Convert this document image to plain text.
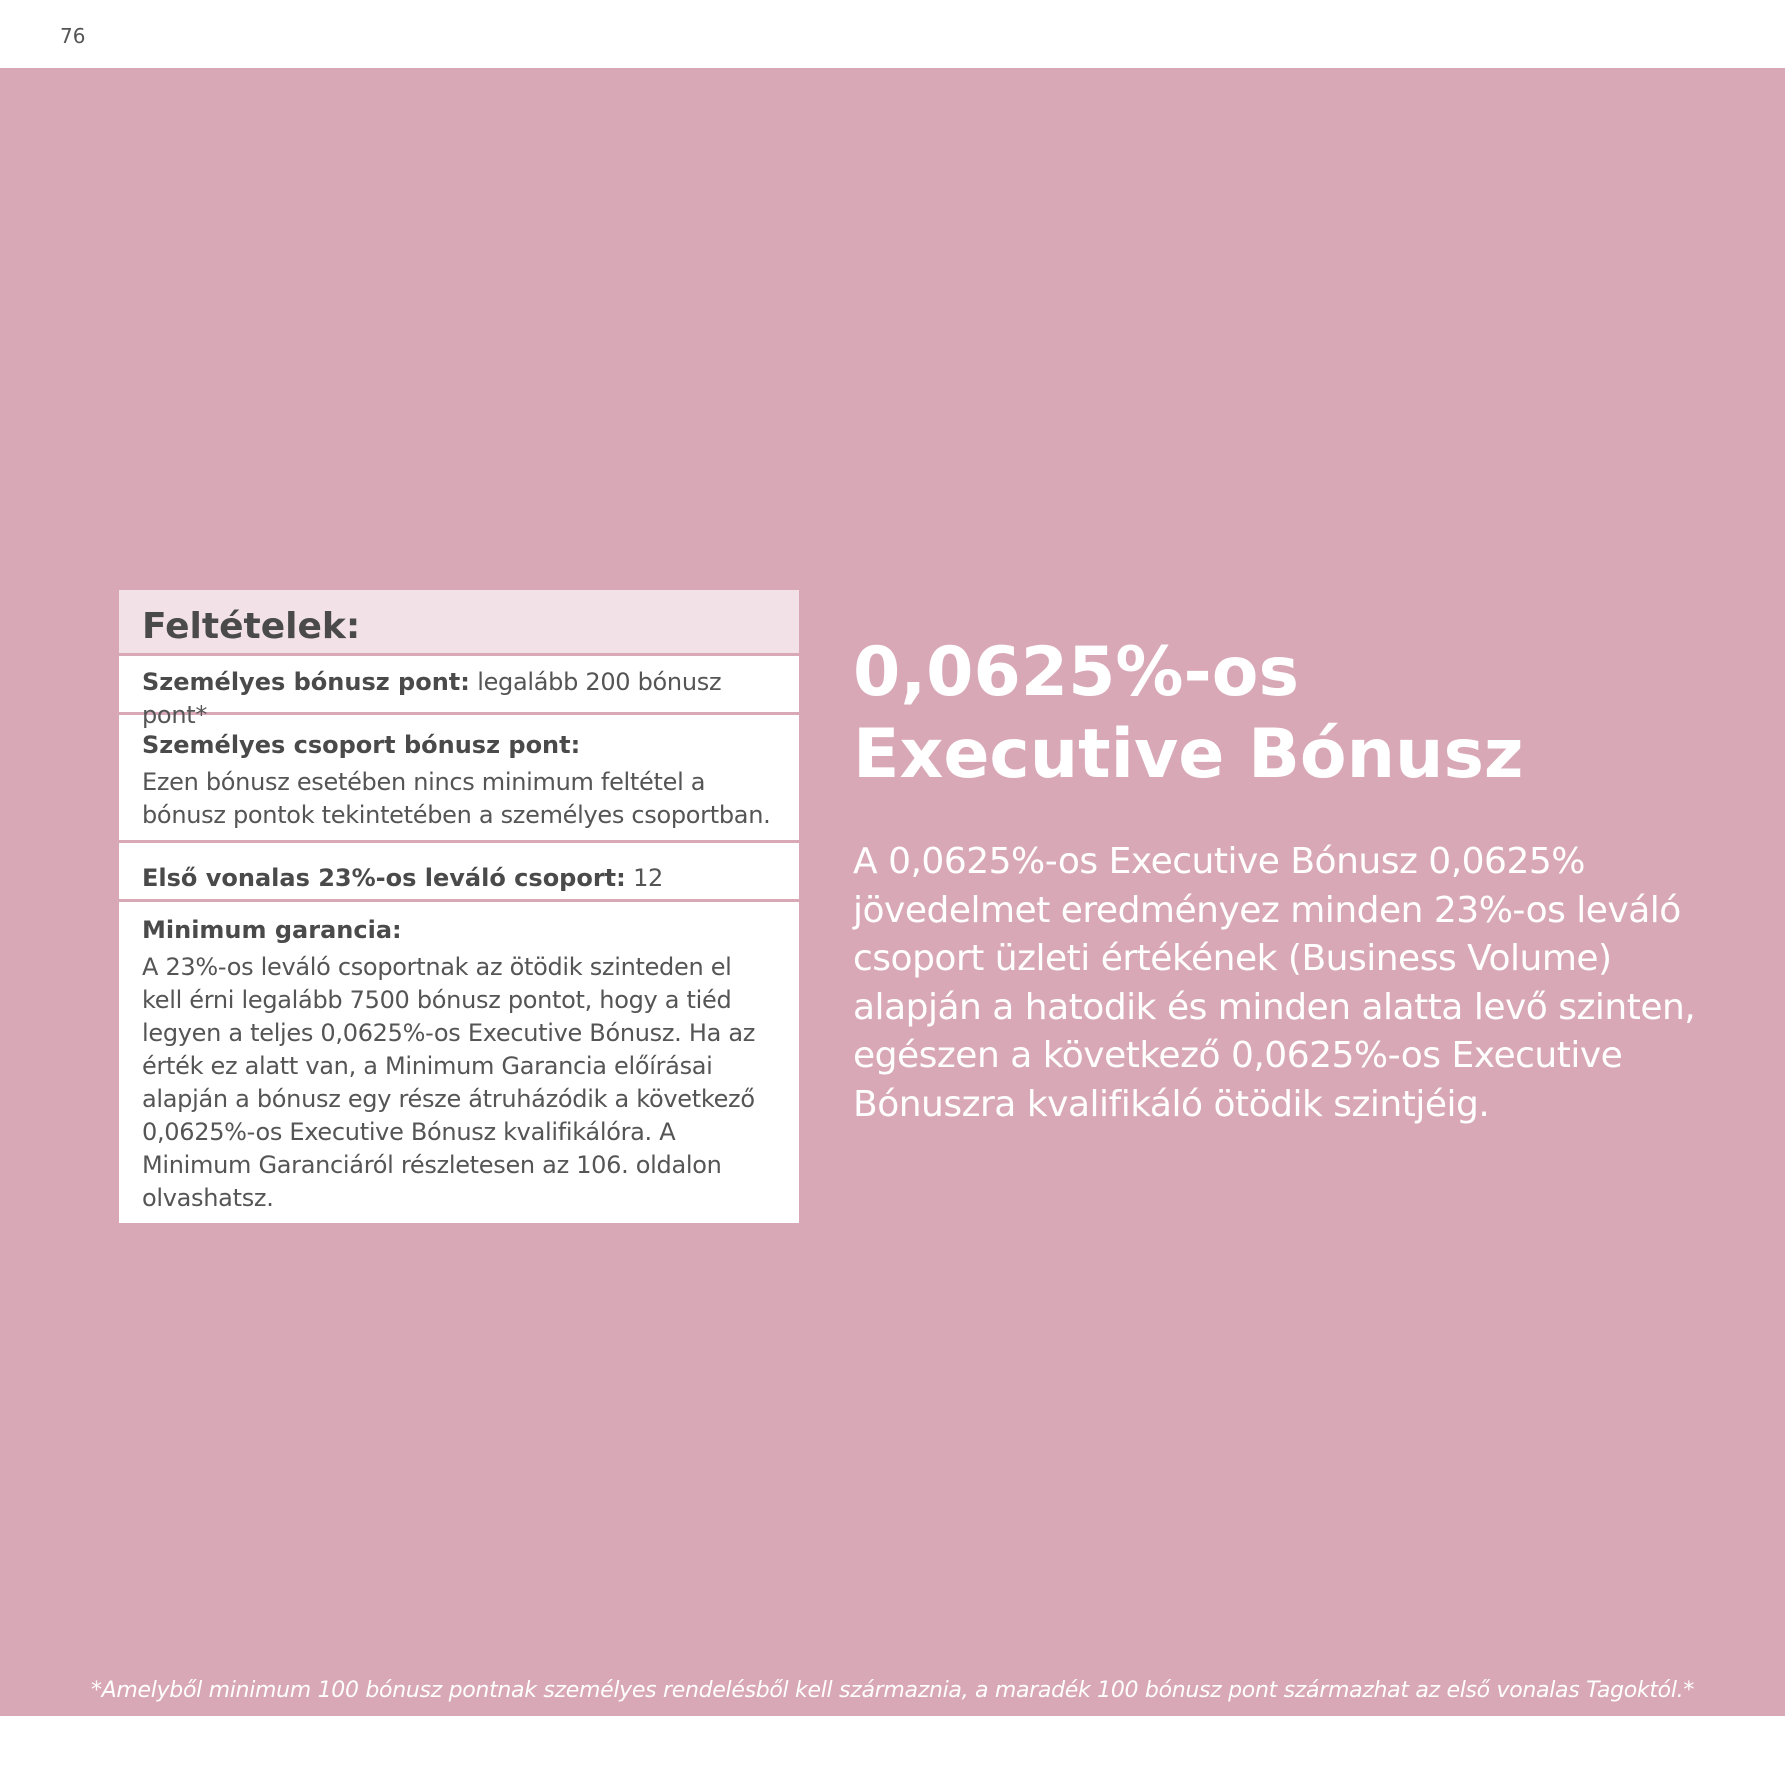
76
Feltételek:
Személyes bónusz pont: legalább 200 bónusz pont*
Személyes csoport bónusz pont:
Ezen bónusz esetében nincs minimum feltétel a bónusz pontok tekintetében a személyes csoportban.
Első vonalas 23%-os leváló csoport: 12
Minimum garancia:
A 23%-os leváló csoportnak az ötödik szinteden el kell érni legalább 7500 bónusz pontot, hogy a tiéd legyen a teljes 0,0625%-os Executive Bónusz. Ha az érték ez alatt van, a Minimum Garancia előírásai alapján a bónusz egy része átruházódik a következő 0,0625%-os Executive Bónusz kvalifikálóra. A Minimum Garanciáról részletesen az 106. oldalon olvashatsz.
0,0625%-os Executive Bónusz

A 0,0625%-os Executive Bónusz 0,0625% jövedelmet eredményez minden 23%-os leváló csoport üzleti értékének (Business Volume) alapján a hatodik és minden alatta levő szinten, egészen a következő 0,0625%-os Executive Bónuszra kvalifikáló ötödik szintjéig.

*Amelyből minimum 100 bónusz pontnak személyes rendelésből kell származnia, a maradék 100 bónusz pont származhat az első vonalas Tagoktól.*
